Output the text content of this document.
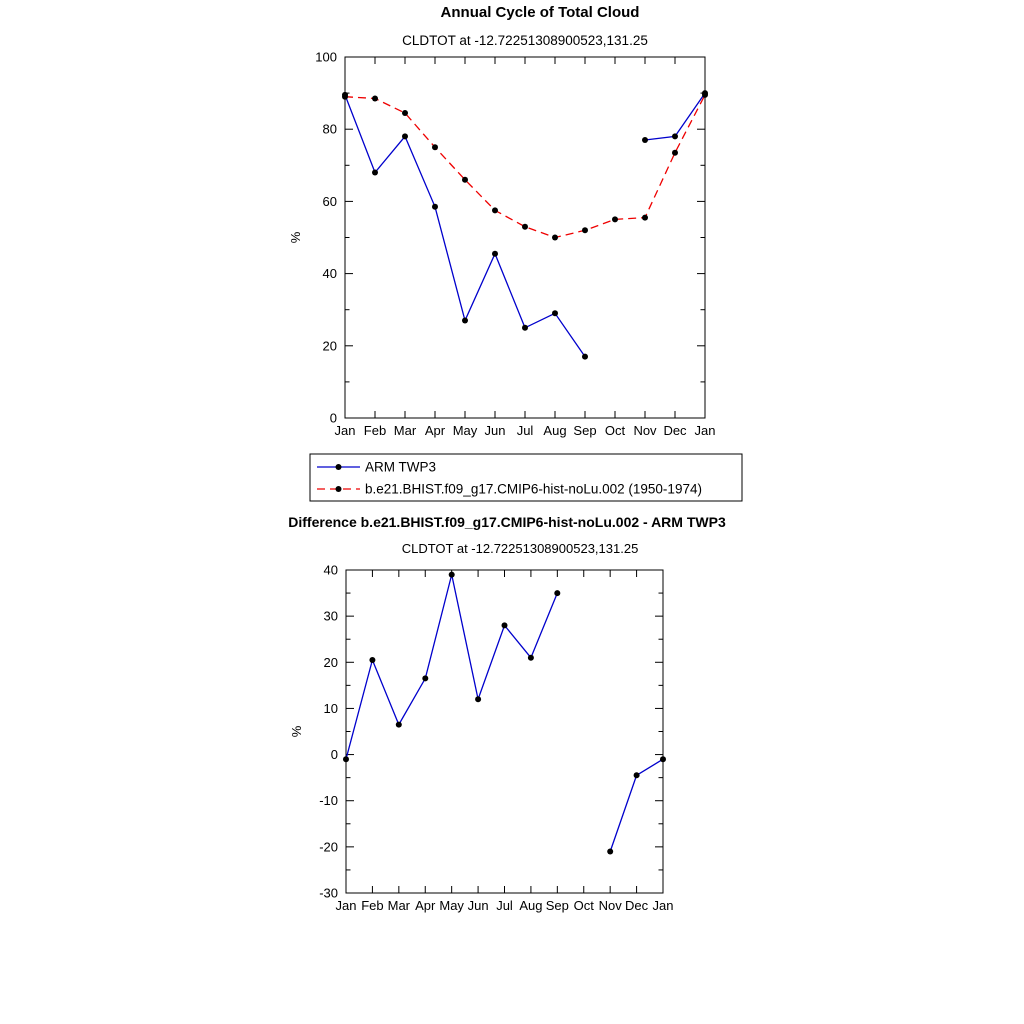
Annual Cycle of Total Cloud
CLDTOT at -12.72251308900523,131.25
Difference b.e21.BHIST.f09_g17.CMIP6-hist-noLu.002 - ARM TWP3
CLDTOT at -12.72251308900523,131.25
0
20
40
60
80
100
Jan Feb Mar Apr May Jun Jul Aug Sep Oct Nov Dec Jan
%
-30
-20
-10
0
10
20
30
40
Jan Feb Mar Apr May Jun Jul Aug Sep Oct Nov Dec Jan
%
ARM TWP3
b.e21.BHIST.f09_g17.CMIP6-hist-noLu.002 (1950-1974)
